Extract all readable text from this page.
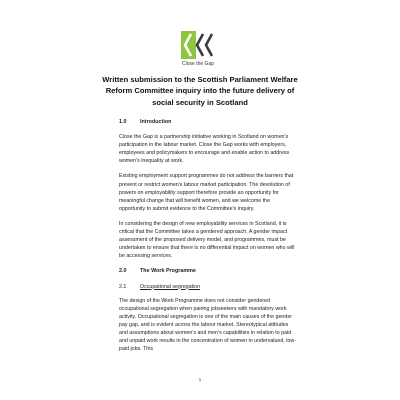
Close the Gap
Written submission to the Scottish Parliament Welfare Reform Committee inquiry into the future delivery of social security in Scotland
1.0	Introduction

Close the Gap is a partnership initiative working in Scotland on women's participation in the labour market. Close the Gap works with employers, employees and policymakers to encourage and enable action to address women's inequality at work.

Existing employment support programmes do not address the barriers that prevent or restrict women's labour market participation. The devolution of powers on employability support therefore provide an opportunity for meaningful change that will benefit women, and we welcome the opportunity to submit evidence to the Committee's inquiry.

In considering the design of new employability services in Scotland, it is critical that the Committee takes a gendered approach. A gender impact assessment of the proposed delivery model, and programmes, must be undertaken to ensure that there is no differential impact on women who will be accessing services.

2.0	The Work Programme
2.1	Occupational segregation

The design of the Work Programme does not consider gendered occupational segregation when pairing jobseekers with mandatory work activity. Occupational segregation is one of the main causes of the gender pay gap, and is evident across the labour market. Stereotypical attitudes and assumptions about women's and men's capabilities in relation to paid and unpaid work results in the concentration of women in undervalued, low-paid jobs. This

1
